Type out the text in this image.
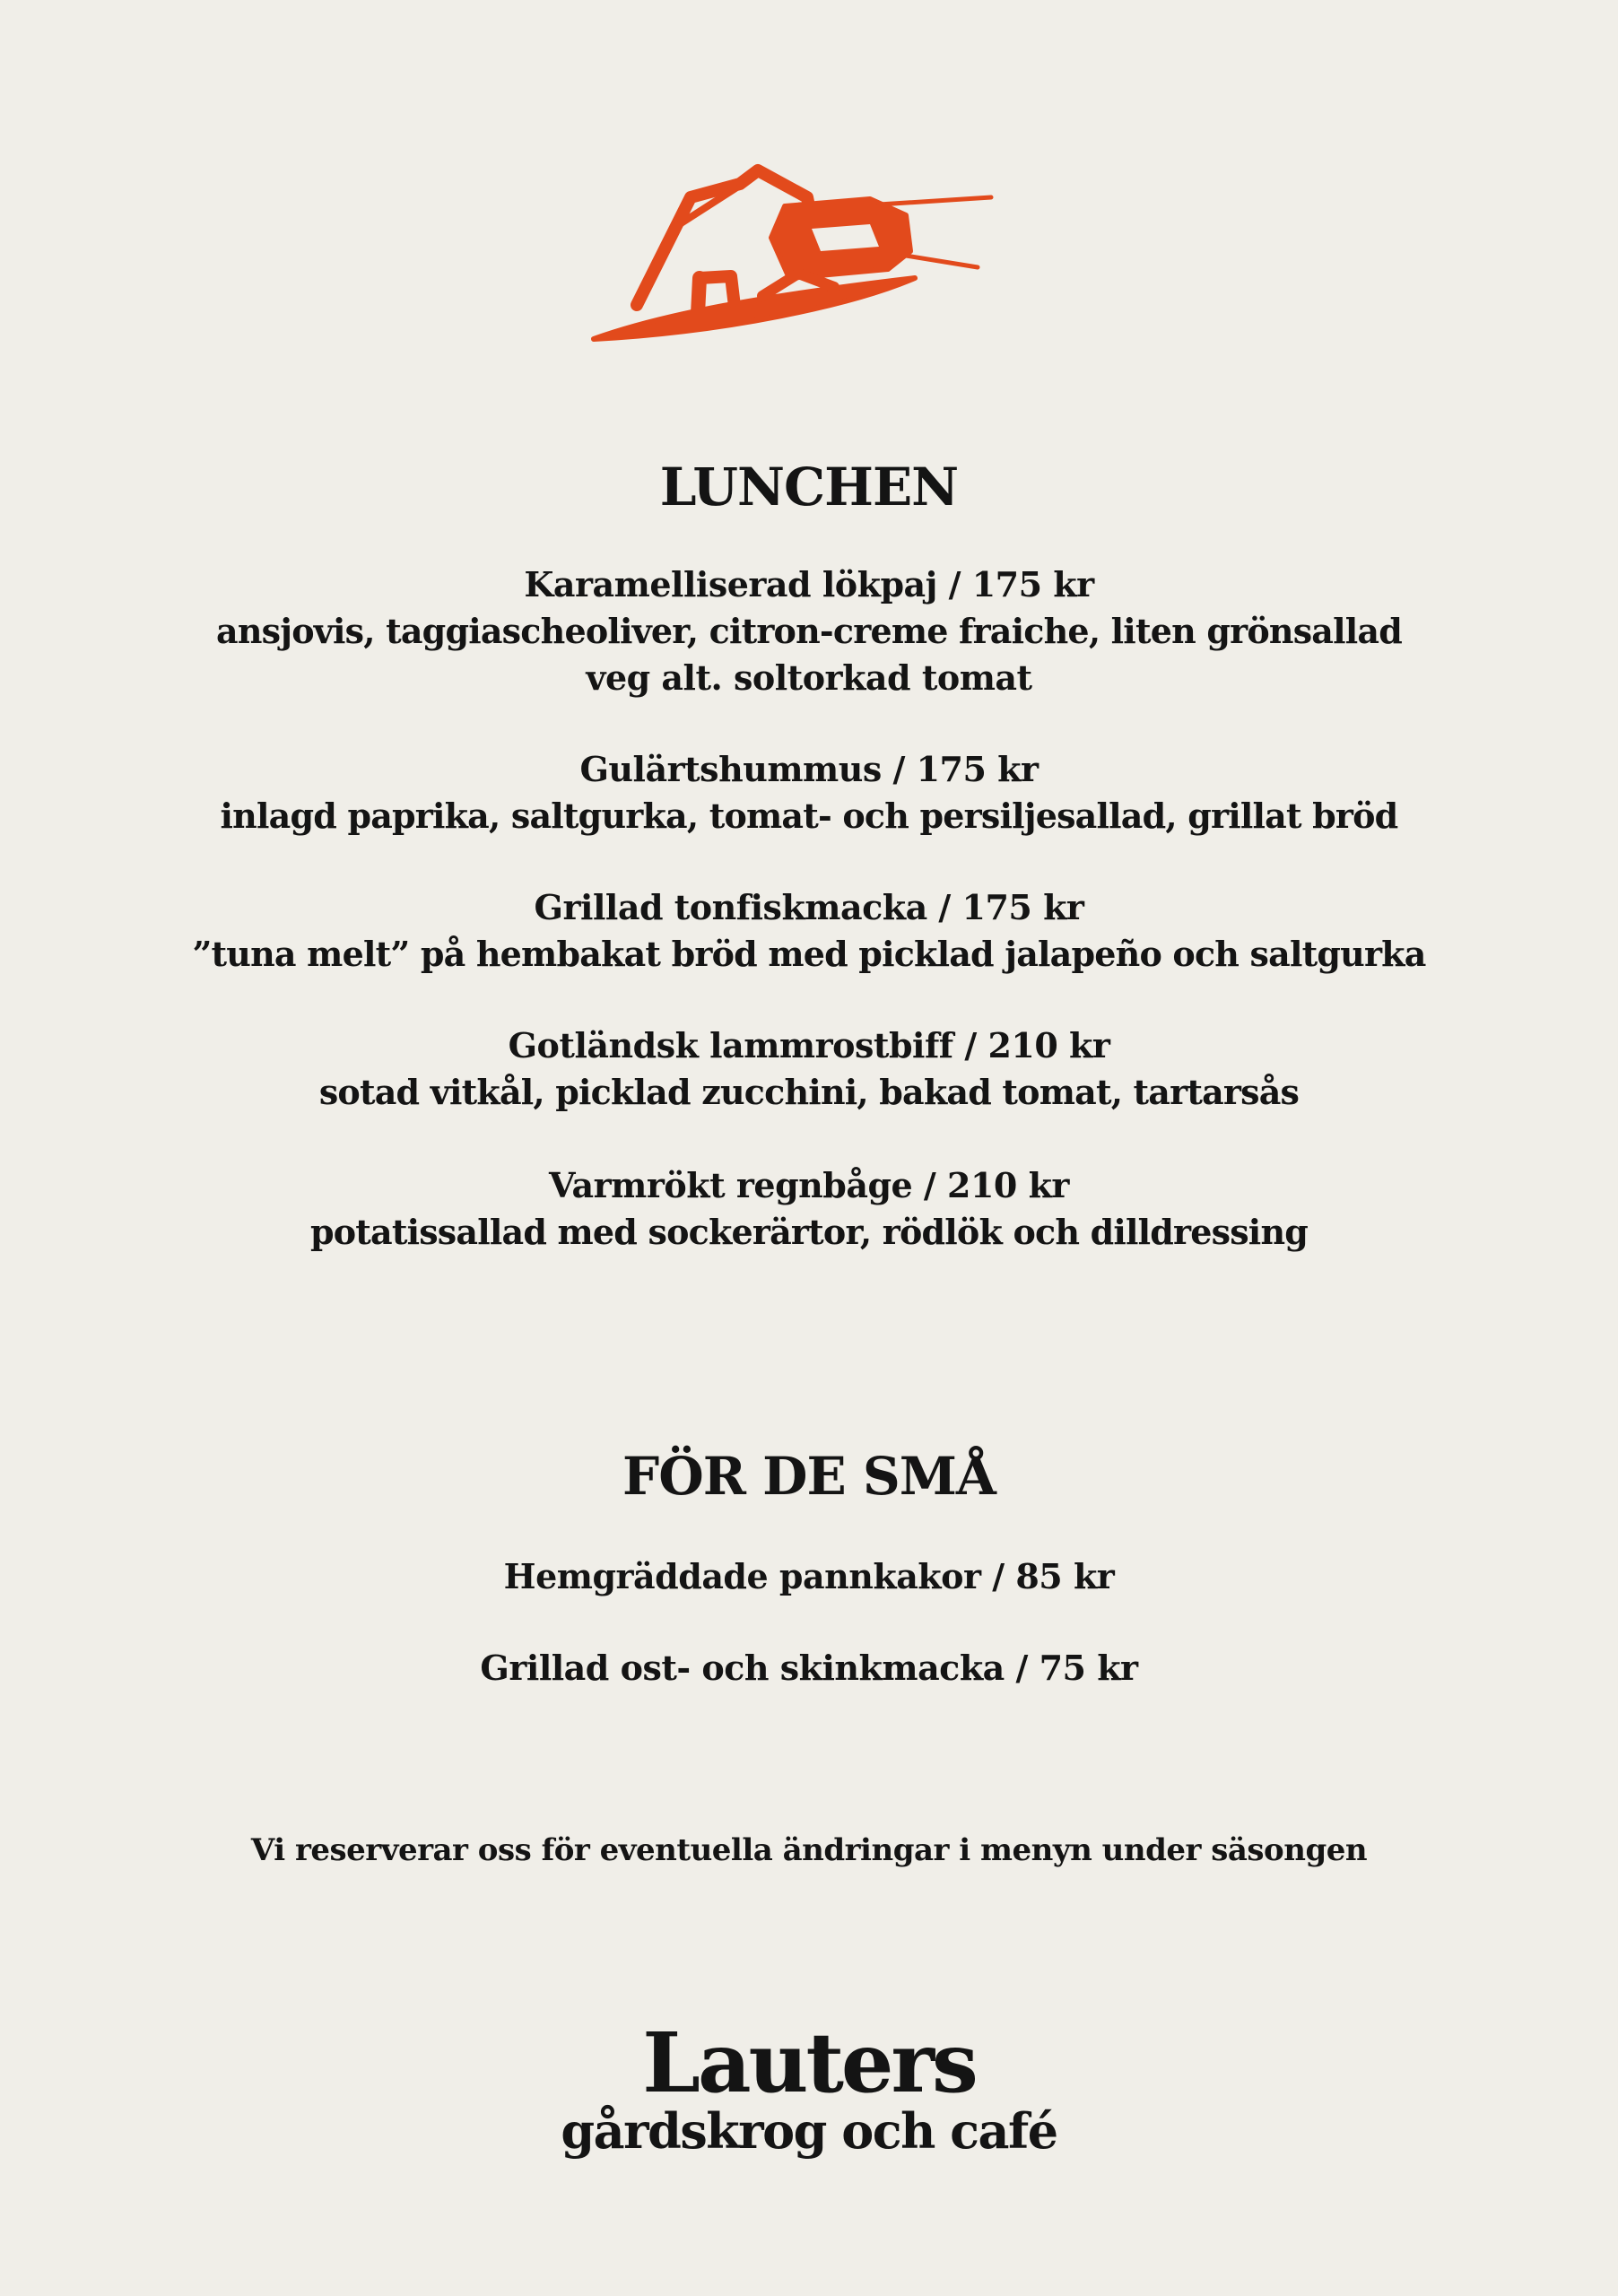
LUNCHEN
Karamelliserad lökpaj / 175 kr
ansjovis, taggiascheoliver, citron-creme fraiche, liten grönsallad
veg alt. soltorkad tomat
Gulärtshummus / 175 kr
inlagd paprika, saltgurka, tomat- och persiljesallad, grillat bröd
Grillad tonfiskmacka / 175 kr
”tuna melt” på hembakat bröd med picklad jalapeño och saltgurka
Gotländsk lammrostbiff / 210 kr
sotad vitkål, picklad zucchini, bakad tomat, tartarsås
Varmrökt regnbåge / 210 kr
potatissallad med sockerärtor, rödlök och dilldressing
FÖR DE SMÅ
Hemgräddade pannkakor / 85 kr
Grillad ost- och skinkmacka / 75 kr
Vi reserverar oss för eventuella ändringar i menyn under säsongen
Lauters
gårdskrog och café
